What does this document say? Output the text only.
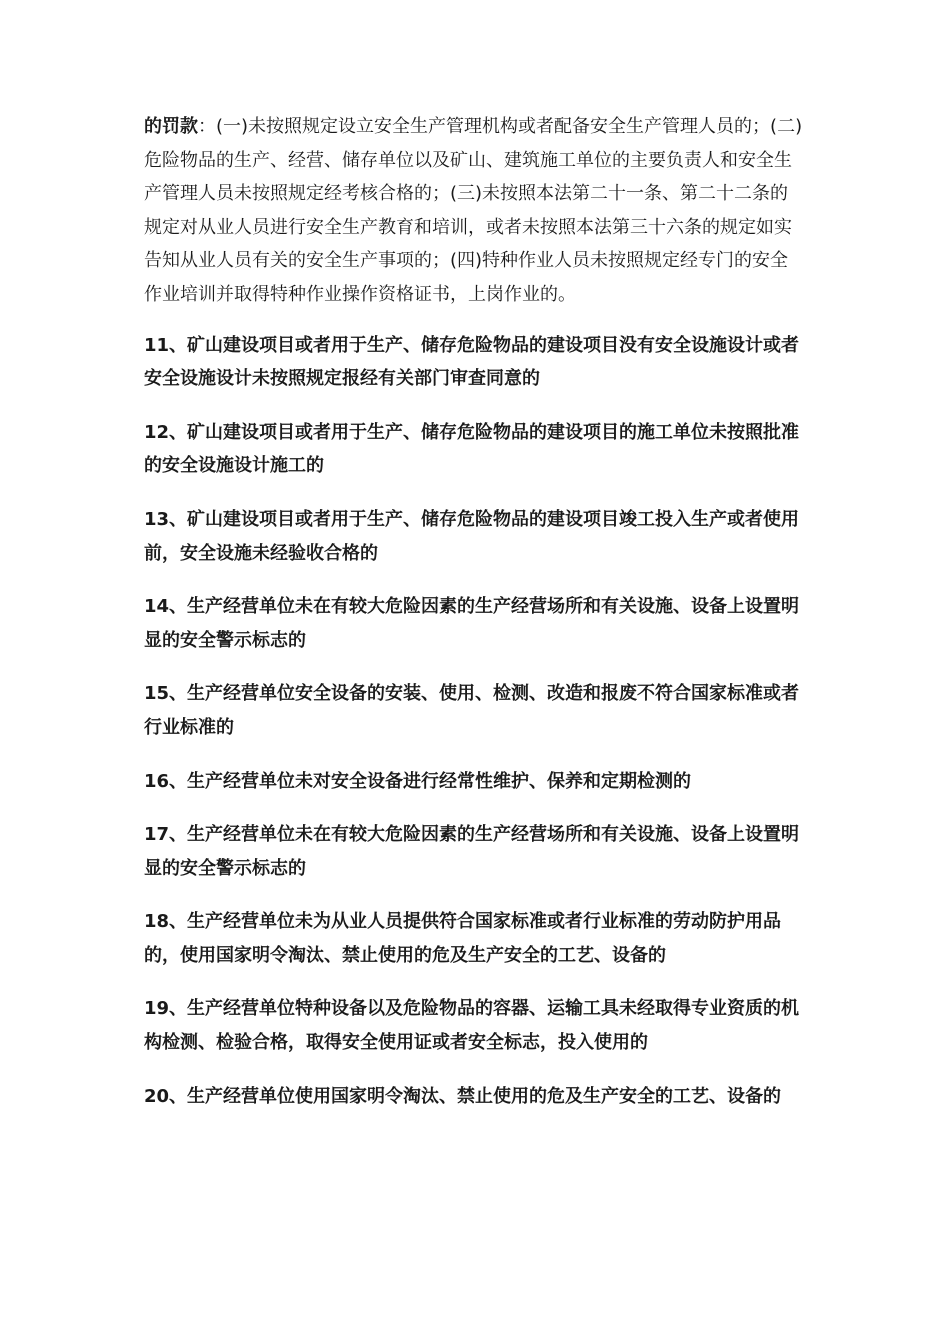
的罚款：(一)未按照规定设立安全生产管理机构或者配备安全生产管理人员的；(二)危险物品的生产、经营、储存单位以及矿山、建筑施工单位的主要负责人和安全生产管理人员未按照规定经考核合格的；(三)未按照本法第二十一条、第二十二条的规定对从业人员进行安全生产教育和培训，或者未按照本法第三十六条的规定如实告知从业人员有关的安全生产事项的；(四)特种作业人员未按照规定经专门的安全作业培训并取得特种作业操作资格证书，上岗作业的。

11、矿山建设项目或者用于生产、储存危险物品的建设项目没有安全设施设计或者安全设施设计未按照规定报经有关部门审查同意的

12、矿山建设项目或者用于生产、储存危险物品的建设项目的施工单位未按照批准的安全设施设计施工的

13、矿山建设项目或者用于生产、储存危险物品的建设项目竣工投入生产或者使用前，安全设施未经验收合格的

14、生产经营单位未在有较大危险因素的生产经营场所和有关设施、设备上设置明显的安全警示标志的

15、生产经营单位安全设备的安装、使用、检测、改造和报废不符合国家标准或者行业标准的

16、生产经营单位未对安全设备进行经常性维护、保养和定期检测的

17、生产经营单位未在有较大危险因素的生产经营场所和有关设施、设备上设置明显的安全警示标志的

18、生产经营单位未为从业人员提供符合国家标准或者行业标准的劳动防护用品的，使用国家明令淘汰、禁止使用的危及生产安全的工艺、设备的

19、生产经营单位特种设备以及危险物品的容器、运输工具未经取得专业资质的机构检测、检验合格，取得安全使用证或者安全标志，投入使用的

20、生产经营单位使用国家明令淘汰、禁止使用的危及生产安全的工艺、设备的
